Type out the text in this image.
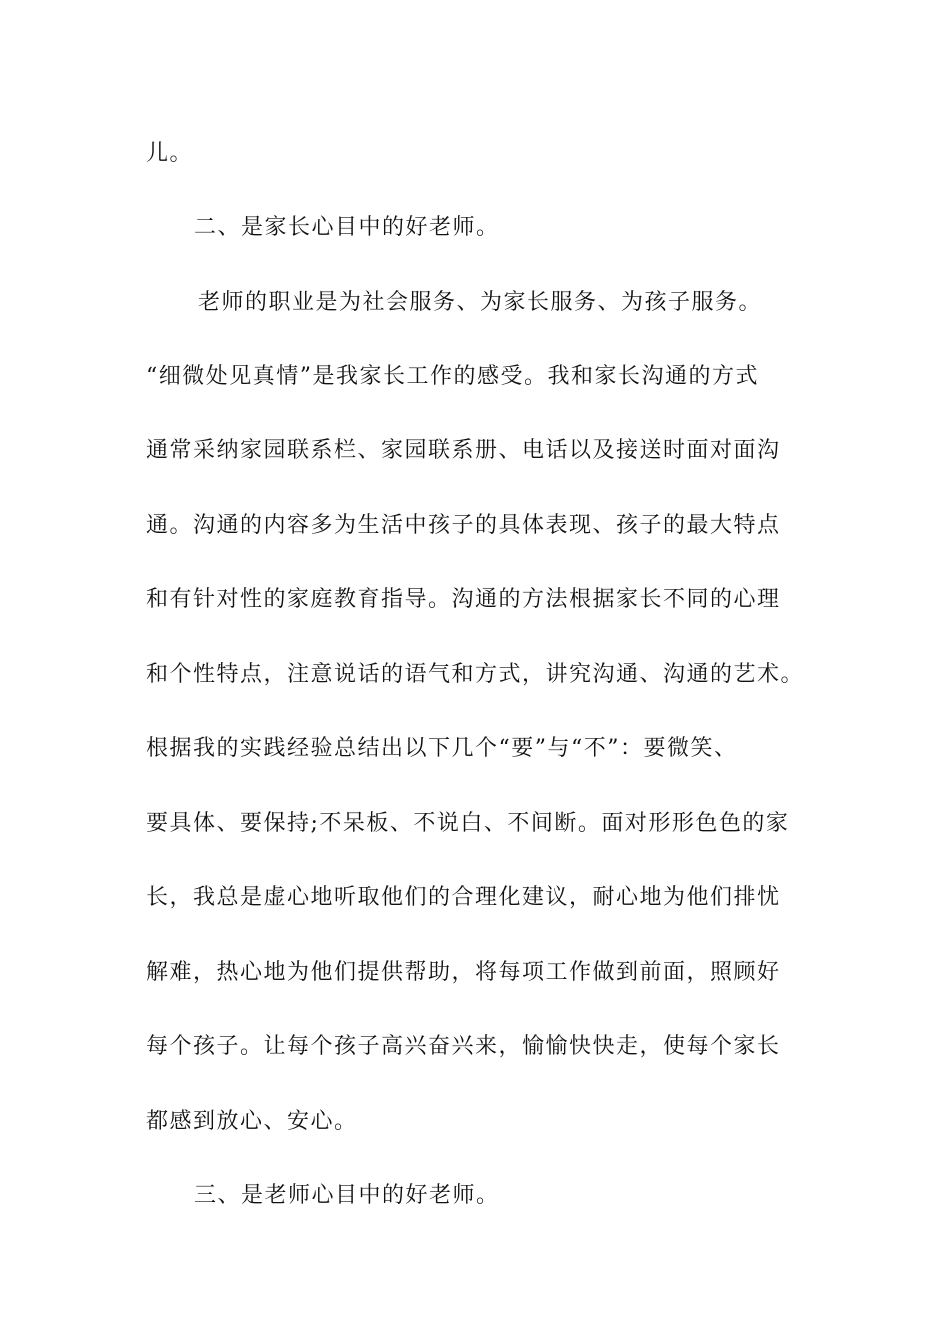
儿。
二、是家长心目中的好老师。
老师的职业是为社会服务、为家长服务、为孩子服务。
“细微处见真情”是我家长工作的感受。我和家长沟通的方式
通常采纳家园联系栏、家园联系册、电话以及接送时面对面沟
通。沟通的内容多为生活中孩子的具体表现、孩子的最大特点
和有针对性的家庭教育指导。沟通的方法根据家长不同的心理
和个性特点，注意说话的语气和方式，讲究沟通、沟通的艺术。
根据我的实践经验总结出以下几个“要”与“不”：要微笑、
要具体、要保持;不呆板、不说白、不间断。面对形形色色的家
长，我总是虚心地听取他们的合理化建议，耐心地为他们排忧
解难，热心地为他们提供帮助，将每项工作做到前面，照顾好
每个孩子。让每个孩子高兴奋兴来，愉愉快快走，使每个家长
都感到放心、安心。
三、是老师心目中的好老师。
